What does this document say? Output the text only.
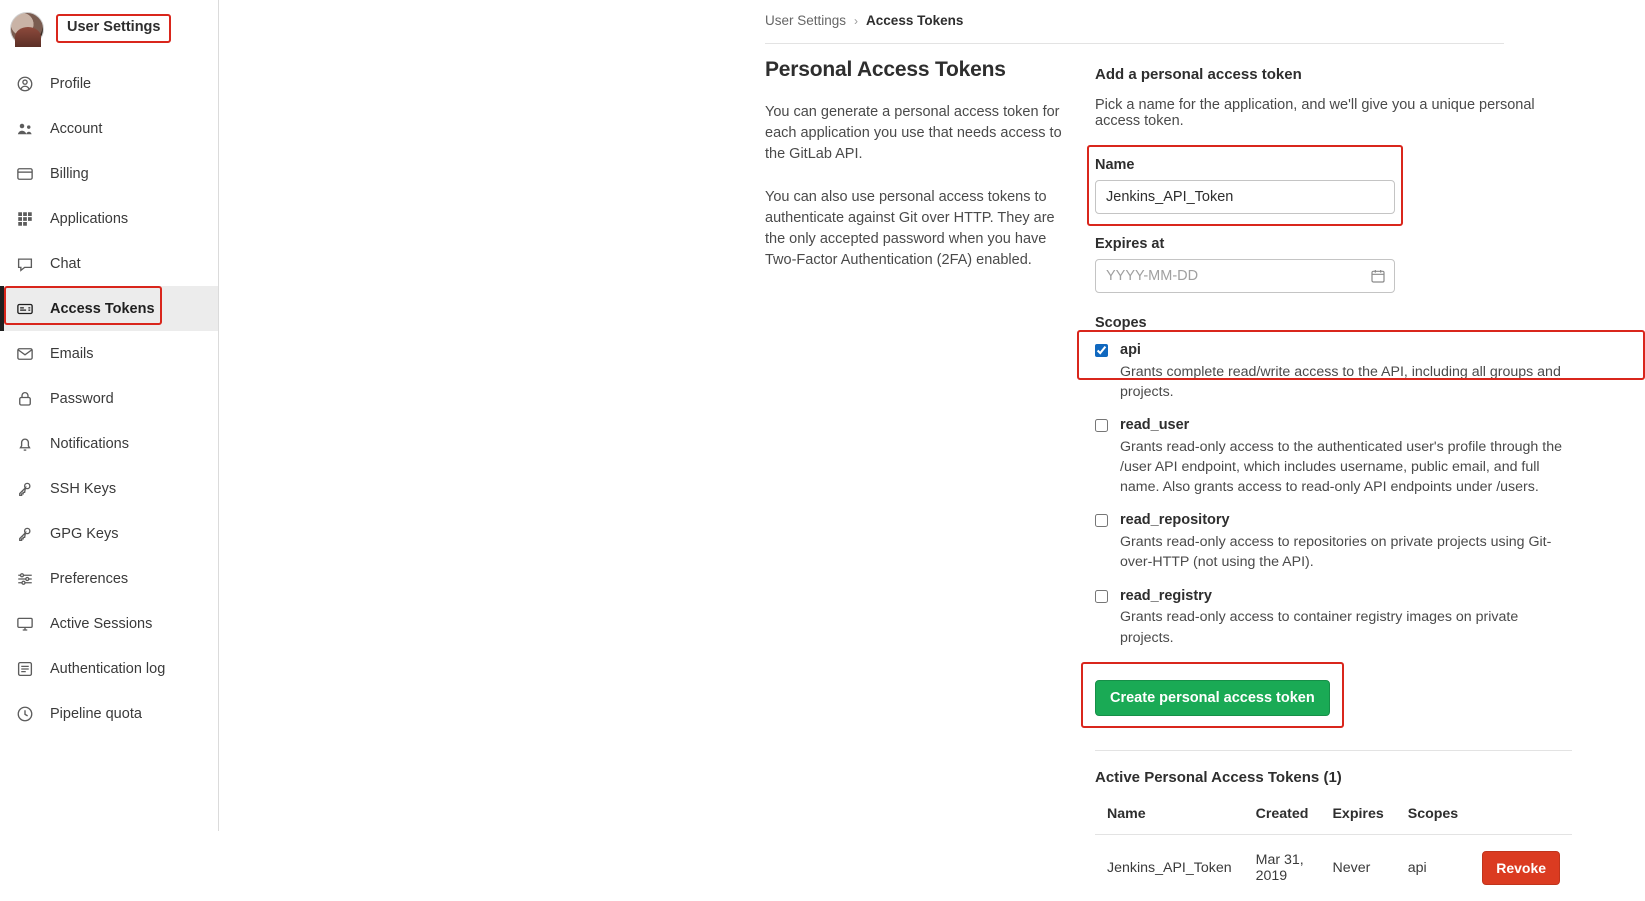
User Settings
Profile
Account
Billing
Applications
Chat
Access Tokens
Emails
Password
Notifications
SSH Keys
GPG Keys
Preferences
Active Sessions
Authentication log
Pipeline quota
User Settings › Access Tokens
Personal Access Tokens

You can generate a personal access token for each application you use that needs access to the GitLab API.

You can also use personal access tokens to authenticate against Git over HTTP. They are the only accepted password when you have Two-Factor Authentication (2FA) enabled.

Add a personal access token
Pick a name for the application, and we'll give you a unique personal access token.
Name
Jenkins_API_Token
Expires at
YYYY-MM-DD
Scopes
api
Grants complete read/write access to the API, including all groups and projects.
read_user
Grants read-only access to the authenticated user's profile through the /user API endpoint, which includes username, public email, and full name. Also grants access to read-only API endpoints under /users.
read_repository
Grants read-only access to repositories on private projects using Git-over-HTTP (not using the API).
read_registry
Grants read-only access to container registry images on private projects.
Create personal access token
Active Personal Access Tokens (1)
Name	Created	Expires	Scopes	
Jenkins_API_Token	Mar 31, 2019	Never	api	Revoke
